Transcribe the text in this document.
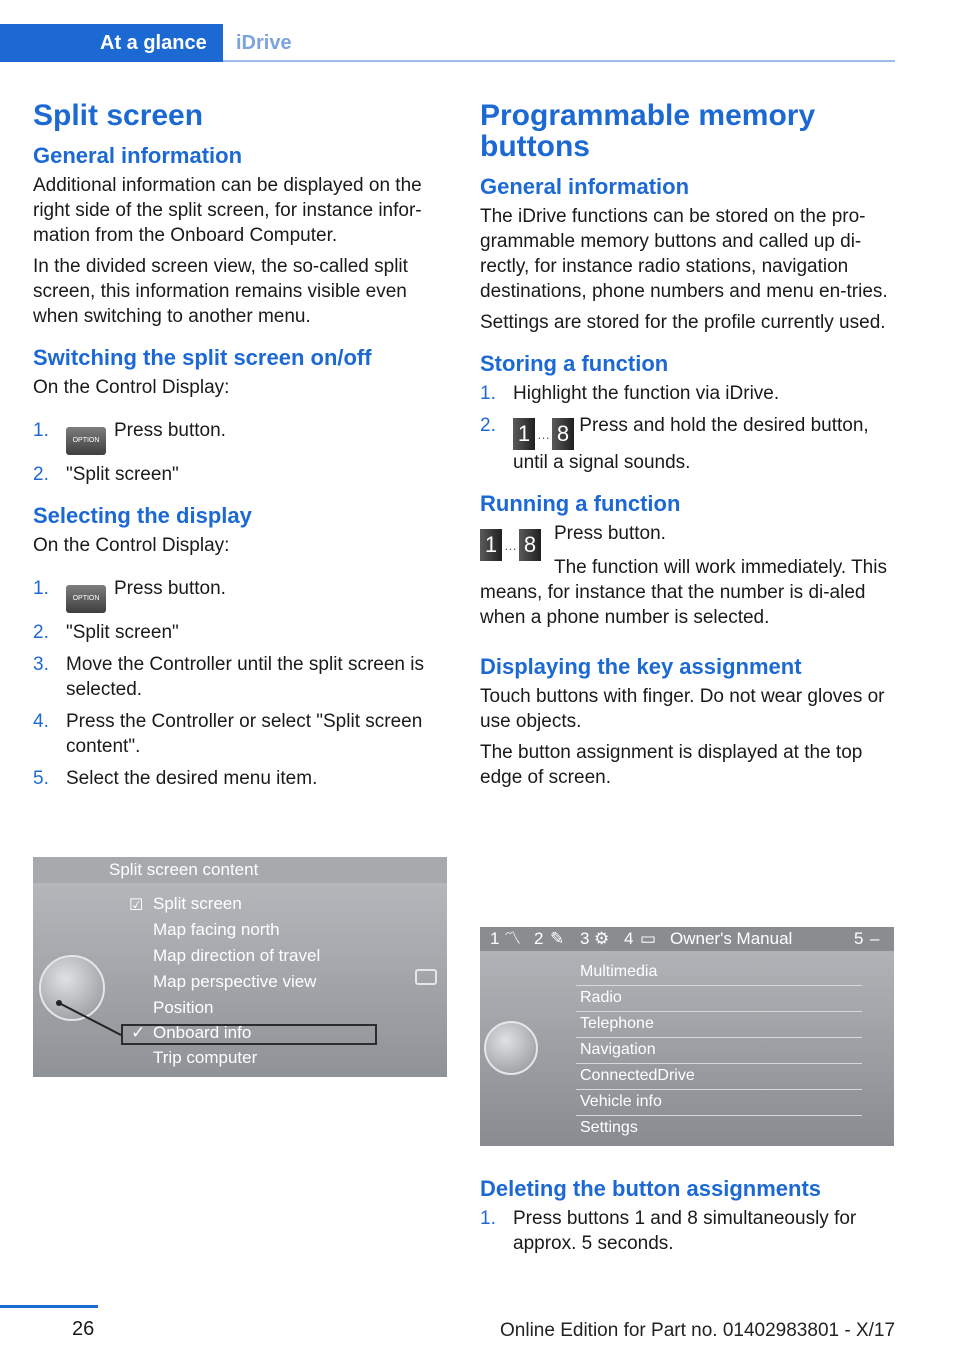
At a glance	iDrive
Split screen
General information

Additional information can be displayed on the right side of the split screen, for instance infor-mation from the Onboard Computer.

In the divided screen view, the so-called split screen, this information remains visible even when switching to another menu.

Switching the split screen on/off

On the Control Display:

1.	OPTION Press button.
2. "Split screen"
Selecting the display

On the Control Display:

1.	OPTION Press button.
2. "Split screen"
3. Move the Controller until the split screen is selected.
4. Press the Controller or select "Split screen content".
5. Select the desired menu item.
Split screen content
☑ Split screen
Map facing north
Map direction of travel
Map perspective view
Position
✓ Onboard info
Trip computer
Programmable memory buttons
General information

The iDrive functions can be stored on the pro-grammable memory buttons and called up di-rectly, for instance radio stations, navigation destinations, phone numbers and menu en-tries.

Settings are stored for the profile currently used.

Storing a function
1. Highlight the function via iDrive.
2. 1 … 8 Press and hold the desired button, until a signal sounds.
Running a function
1 … 8 Press button.

The function will work immediately. This means, for instance that the number is di-aled when a phone number is selected.

Displaying the key assignment

Touch buttons with finger. Do not wear gloves or use objects.

The button assignment is displayed at the top edge of screen.

1 〽 2 ✎ 3 ⚙ 4 ▭ Owner's Manual	5 –
Multimedia
Radio
Telephone
Navigation
ConnectedDrive
Vehicle info
Settings
Deleting the button assignments
1. Press buttons 1 and 8 simultaneously for approx. 5 seconds.
26	Online Edition for Part no. 01402983801 - X/17
